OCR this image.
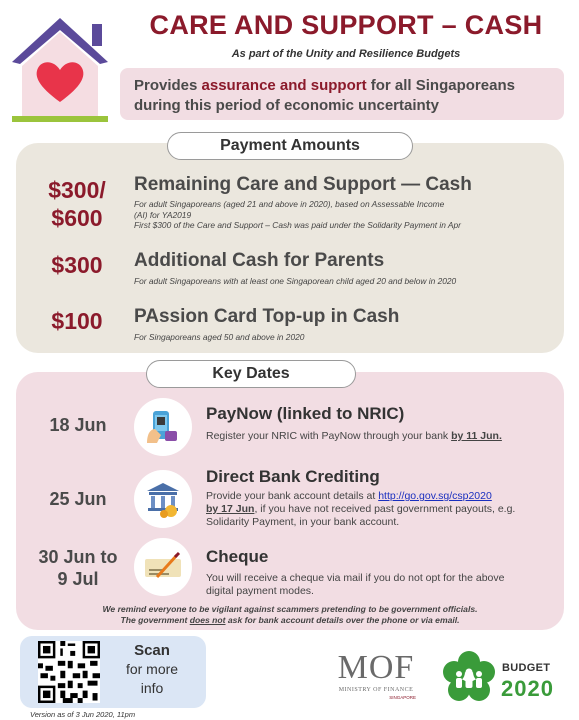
CARE AND SUPPORT – CASH
As part of the Unity and Resilience Budgets
Provides assurance and support for all Singaporeans
during this period of economic uncertainty
Payment Amounts
$300/
$600
Remaining Care and Support — Cash
For adult Singaporeans (aged 21 and above in 2020), based on Assessable Income
(AI) for YA2019
First $300 of the Care and Support – Cash was paid under the Solidarity Payment in Apr
$300	Additional Cash for Parents
For adult Singaporeans with at least one Singaporean child aged 20 and below in 2020
$100	PAssion Card Top-up in Cash
For Singaporeans aged 50 and above in 2020
Key Dates
18 Jun
PayNow (linked to NRIC)
Register your NRIC with PayNow through your bank by 11 Jun.
25 Jun
Direct Bank Crediting
Provide your bank account details at http://go.gov.sg/csp2020
by 17 Jun, if you have not received past government payouts, e.g.
Solidarity Payment, in your bank account.
30 Jun to
9 Jul
Cheque
You will receive a cheque via mail if you do not opt for the above
digital payment modes.
We remind everyone to be vigilant against scammers pretending to be government officials.
The government does not ask for bank account details over the phone or via email.
Scan
for more
info
Version as of 3 Jun 2020, 11pm
MOF
MINISTRY OF FINANCE
SINGAPORE
BUDGET
2020
